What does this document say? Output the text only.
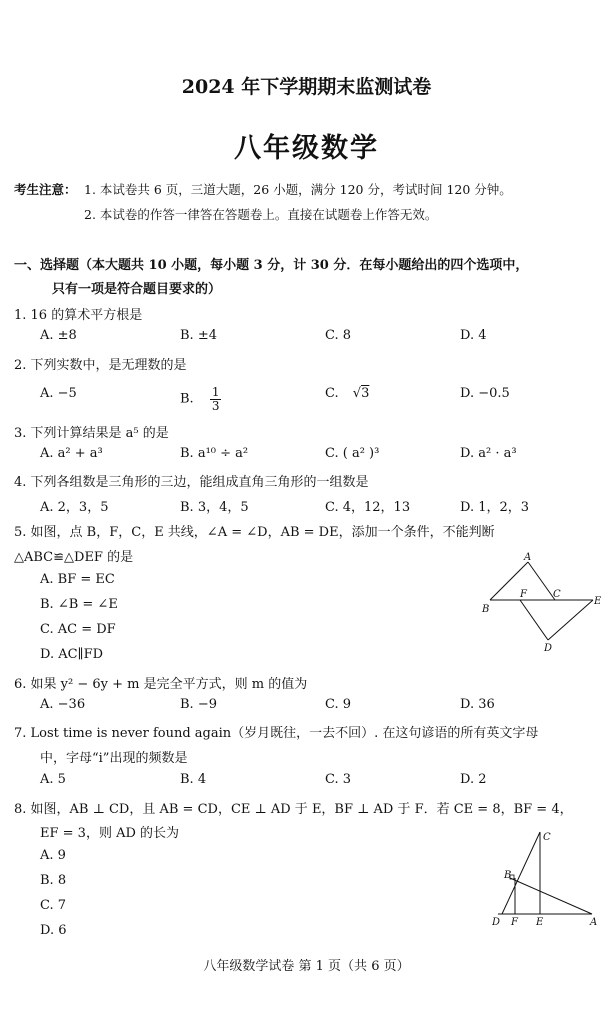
2024 年下学期期末监测试卷
八年级数学
考生注意： 1. 本试卷共 6 页，三道大题，26 小题，满分 120 分，考试时间 120 分钟。
2. 本试卷的作答一律答在答题卷上。直接在试题卷上作答无效。
一、选择题（本大题共 10 小题，每小题 3 分，计 30 分．在每小题给出的四个选项中，
只有一项是符合题目要求的）
1. 16 的算术平方根是
A. ±8	B. ±4	C. 8	D. 4
2. 下列实数中，是无理数的是
A. −5	B. $\frac{1}{3}$	C. √3	D. −0.5
3. 下列计算结果是 a⁵ 的是
A. a² + a³	B. a¹⁰ ÷ a²	C. ( a² )³	D. a² · a³
4. 下列各组数是三角形的三边，能组成直角三角形的一组数是
A. 2，3，5	B. 3，4，5	C. 4，12，13	D. 1，2，3
5. 如图，点 B，F，C，E 共线，∠A = ∠D，AB = DE，添加一个条件，不能判断
△ABC≌△DEF 的是
A. BF = EC
B. ∠B = ∠E
C. AC = DF
D. AC∥FD
A
B
F	C
E
D
6. 如果 y² − 6y + m 是完全平方式，则 m 的值为
A. −36	B. −9	C. 9	D. 36
7. Lost time is never found again（岁月既往，一去不回）. 在这句谚语的所有英文字母
中，字母“i”出现的频数是
A. 5	B. 4	C. 3	D. 2
8. 如图，AB ⊥ CD，且 AB = CD，CE ⊥ AD 于 E，BF ⊥ AD 于 F．若 CE = 8，BF = 4，
EF = 3，则 AD 的长为
A. 9
B. 8
C. 7
D. 6
C
B
D F E	A
八年级数学试卷 第 1 页（共 6 页）
